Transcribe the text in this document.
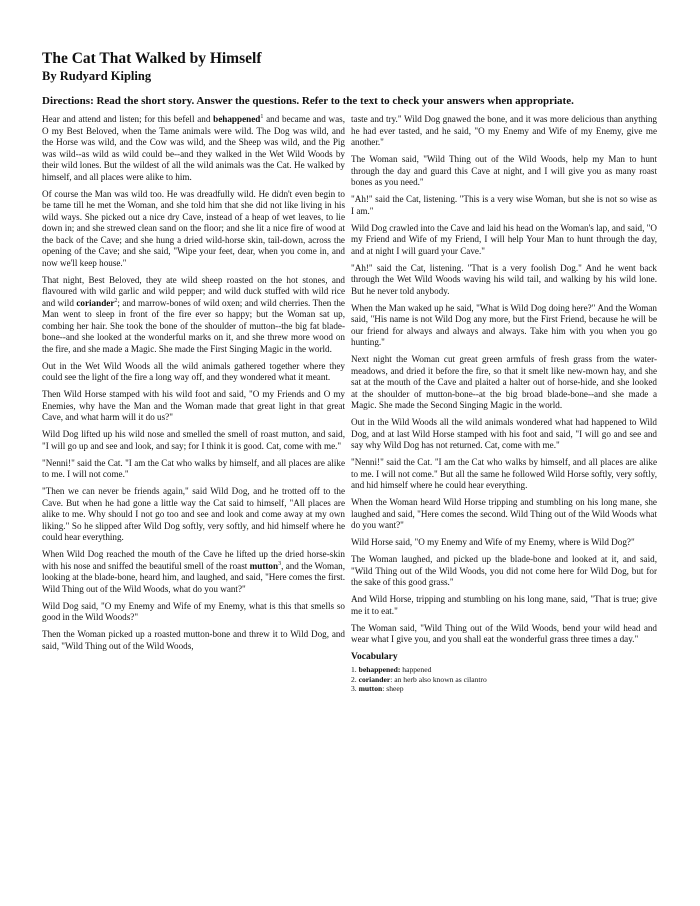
The Cat That Walked by Himself
By Rudyard Kipling

Directions: Read the short story. Answer the questions. Refer to the text to check your answers when appropriate.

Hear and attend and listen; for this befell and behappened$^1$ and became and was, O my Best Beloved, when the Tame animals were wild. The Dog was wild, and the Horse was wild, and the Cow was wild, and the Sheep was wild, and the Pig was wild--as wild as wild could be--and they walked in the Wet Wild Woods by their wild lones. But the wildest of all the wild animals was the Cat. He walked by himself, and all places were alike to him.

Of course the Man was wild too. He was dreadfully wild. He didn't even begin to be tame till he met the Woman, and she told him that she did not like living in his wild ways. She picked out a nice dry Cave, instead of a heap of wet leaves, to lie down in; and she strewed clean sand on the floor; and she lit a nice fire of wood at the back of the Cave; and she hung a dried wild-horse skin, tail-down, across the opening of the Cave; and she said, "Wipe your feet, dear, when you come in, and now we'll keep house."

That night, Best Beloved, they ate wild sheep roasted on the hot stones, and flavoured with wild garlic and wild pepper; and wild duck stuffed with wild rice and wild coriander$^2$; and marrow-bones of wild oxen; and wild cherries. Then the Man went to sleep in front of the fire ever so happy; but the Woman sat up, combing her hair. She took the bone of the shoulder of mutton--the big fat blade-bone--and she looked at the wonderful marks on it, and she threw more wood on the fire, and she made a Magic. She made the First Singing Magic in the world.

Out in the Wet Wild Woods all the wild animals gathered together where they could see the light of the fire a long way off, and they wondered what it meant.

Then Wild Horse stamped with his wild foot and said, "O my Friends and O my Enemies, why have the Man and the Woman made that great light in that great Cave, and what harm will it do us?"

Wild Dog lifted up his wild nose and smelled the smell of roast mutton, and said, "I will go up and see and look, and say; for I think it is good. Cat, come with me."

"Nenni!" said the Cat. "I am the Cat who walks by himself, and all places are alike to me. I will not come."

"Then we can never be friends again," said Wild Dog, and he trotted off to the Cave. But when he had gone a little way the Cat said to himself, "All places are alike to me. Why should I not go too and see and look and come away at my own liking." So he slipped after Wild Dog softly, very softly, and hid himself where he could hear everything.

When Wild Dog reached the mouth of the Cave he lifted up the dried horse-skin with his nose and sniffed the beautiful smell of the roast mutton$^3$, and the Woman, looking at the blade-bone, heard him, and laughed, and said, "Here comes the first. Wild Thing out of the Wild Woods, what do you want?"

Wild Dog said, "O my Enemy and Wife of my Enemy, what is this that smells so good in the Wild Woods?"

Then the Woman picked up a roasted mutton-bone and threw it to Wild Dog, and said, "Wild Thing out of the Wild Woods,

taste and try." Wild Dog gnawed the bone, and it was more delicious than anything he had ever tasted, and he said, "O my Enemy and Wife of my Enemy, give me another."

The Woman said, "Wild Thing out of the Wild Woods, help my Man to hunt through the day and guard this Cave at night, and I will give you as many roast bones as you need."

"Ah!" said the Cat, listening. "This is a very wise Woman, but she is not so wise as I am."

Wild Dog crawled into the Cave and laid his head on the Woman's lap, and said, "O my Friend and Wife of my Friend, I will help Your Man to hunt through the day, and at night I will guard your Cave."

"Ah!" said the Cat, listening. "That is a very foolish Dog." And he went back through the Wet Wild Woods waving his wild tail, and walking by his wild lone. But he never told anybody.

When the Man waked up he said, "What is Wild Dog doing here?" And the Woman said, "His name is not Wild Dog any more, but the First Friend, because he will be our friend for always and always and always. Take him with you when you go hunting."

Next night the Woman cut great green armfuls of fresh grass from the water-meadows, and dried it before the fire, so that it smelt like new-mown hay, and she sat at the mouth of the Cave and plaited a halter out of horse-hide, and she looked at the shoulder of mutton-bone--at the big broad blade-bone--and she made a Magic. She made the Second Singing Magic in the world.

Out in the Wild Woods all the wild animals wondered what had happened to Wild Dog, and at last Wild Horse stamped with his foot and said, "I will go and see and say why Wild Dog has not returned. Cat, come with me."

"Nenni!" said the Cat. "I am the Cat who walks by himself, and all places are alike to me. I will not come." But all the same he followed Wild Horse softly, very softly, and hid himself where he could hear everything.

When the Woman heard Wild Horse tripping and stumbling on his long mane, she laughed and said, "Here comes the second. Wild Thing out of the Wild Woods what do you want?"

Wild Horse said, "O my Enemy and Wife of my Enemy, where is Wild Dog?"

The Woman laughed, and picked up the blade-bone and looked at it, and said, "Wild Thing out of the Wild Woods, you did not come here for Wild Dog, but for the sake of this good grass."

And Wild Horse, tripping and stumbling on his long mane, said, "That is true; give me it to eat."

The Woman said, "Wild Thing out of the Wild Woods, bend your wild head and wear what I give you, and you shall eat the wonderful grass three times a day."

Vocabulary
1. behappened: happened
2. coriander: an herb also known as cilantro
3. mutton: sheep
